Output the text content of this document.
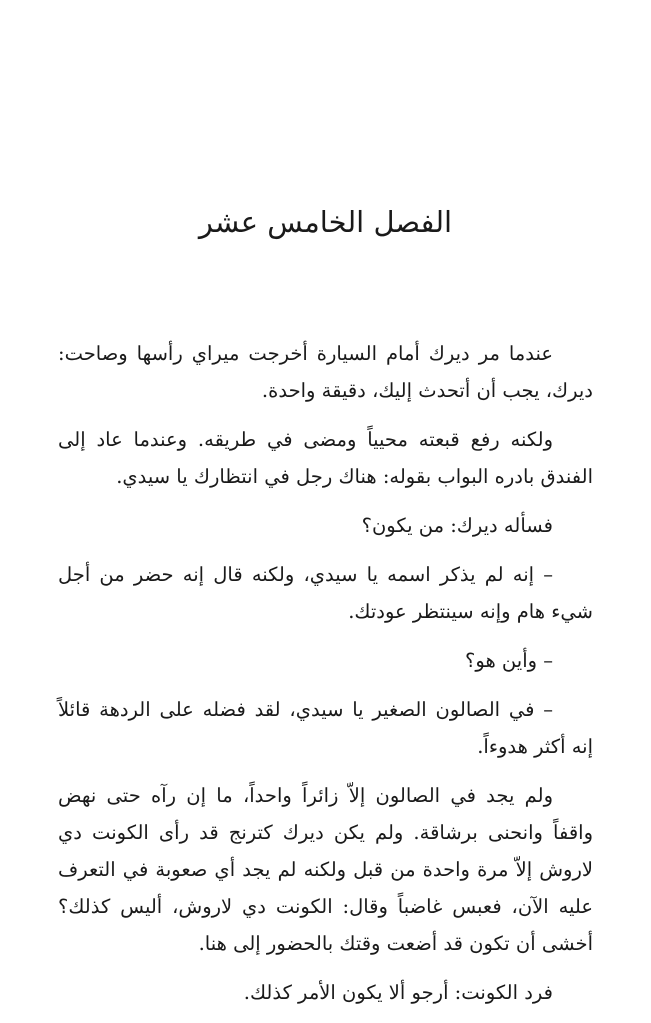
الفصل الخامس عشر

عندما مر ديرك أمام السيارة أخرجت ميراي رأسها وصاحت: ديرك، يجب أن أتحدث إليك، دقيقة واحدة.

ولكنه رفع قبعته محيياً ومضى في طريقه. وعندما عاد إلى الفندق بادره البواب بقوله: هناك رجل في انتظارك يا سيدي.

فسأله ديرك: من يكون؟

– إنه لم يذكر اسمه يا سيدي، ولكنه قال إنه حضر من أجل شيء هام وإنه سينتظر عودتك.

– وأين هو؟

– في الصالون الصغير يا سيدي، لقد فضله على الردهة قائلاً إنه أكثر هدوءاً.

ولم يجد في الصالون إلاّ زائراً واحداً، ما إن رآه حتى نهض واقفاً وانحنى برشاقة. ولم يكن ديرك كترنج قد رأى الكونت دي لاروش إلاّ مرة واحدة من قبل ولكنه لم يجد أي صعوبة في التعرف عليه الآن، فعبس غاضباً وقال: الكونت دي لاروش، أليس كذلك؟ أخشى أن تكون قد أضعت وقتك بالحضور إلى هنا.

فرد الكونت: أرجو ألا يكون الأمر كذلك.
